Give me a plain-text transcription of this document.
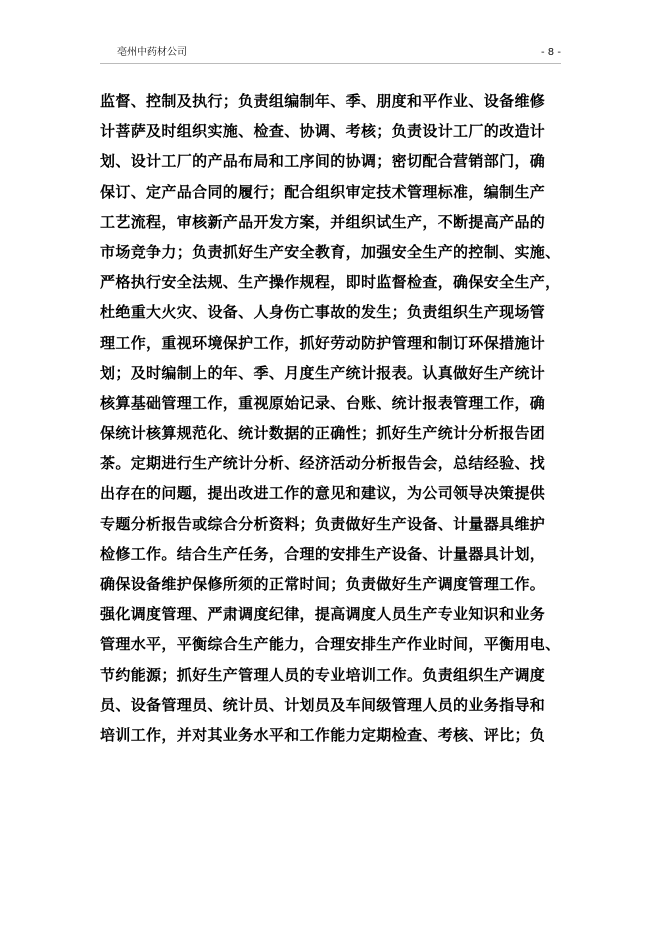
亳州中药材公司	- 8 -
监督、控制及执行；负责组编制年、季、朋度和平作业、设备维修
计菩萨及时组织实施、检查、协调、考核；负责设计工厂的改造计
划、设计工厂的产品布局和工序间的协调；密切配合营销部门，确
保订、定产品合同的履行；配合组织审定技术管理标准，编制生产
工艺流程，审核新产品开发方案，并组织试生产，不断提高产品的
市场竞争力；负责抓好生产安全教育，加强安全生产的控制、实施、
严格执行安全法规、生产操作规程，即时监督检查，确保安全生产，
杜绝重大火灾、设备、人身伤亡事故的发生；负责组织生产现场管
理工作，重视环境保护工作，抓好劳动防护管理和制订环保措施计
划；及时编制上的年、季、月度生产统计报表。认真做好生产统计
核算基础管理工作，重视原始记录、台账、统计报表管理工作，确
保统计核算规范化、统计数据的正确性；抓好生产统计分析报告团
茶。定期进行生产统计分析、经济活动分析报告会，总结经验、找
出存在的问题，提出改进工作的意见和建议，为公司领导决策提供
专题分析报告或综合分析资料；负责做好生产设备、计量器具维护
检修工作。结合生产任务，合理的安排生产设备、计量器具计划，
确保设备维护保修所须的正常时间；负责做好生产调度管理工作。
强化调度管理、严肃调度纪律，提高调度人员生产专业知识和业务
管理水平，平衡综合生产能力，合理安排生产作业时间，平衡用电、
节约能源；抓好生产管理人员的专业培训工作。负责组织生产调度
员、设备管理员、统计员、计划员及车间级管理人员的业务指导和
培训工作，并对其业务水平和工作能力定期检查、考核、评比；负
